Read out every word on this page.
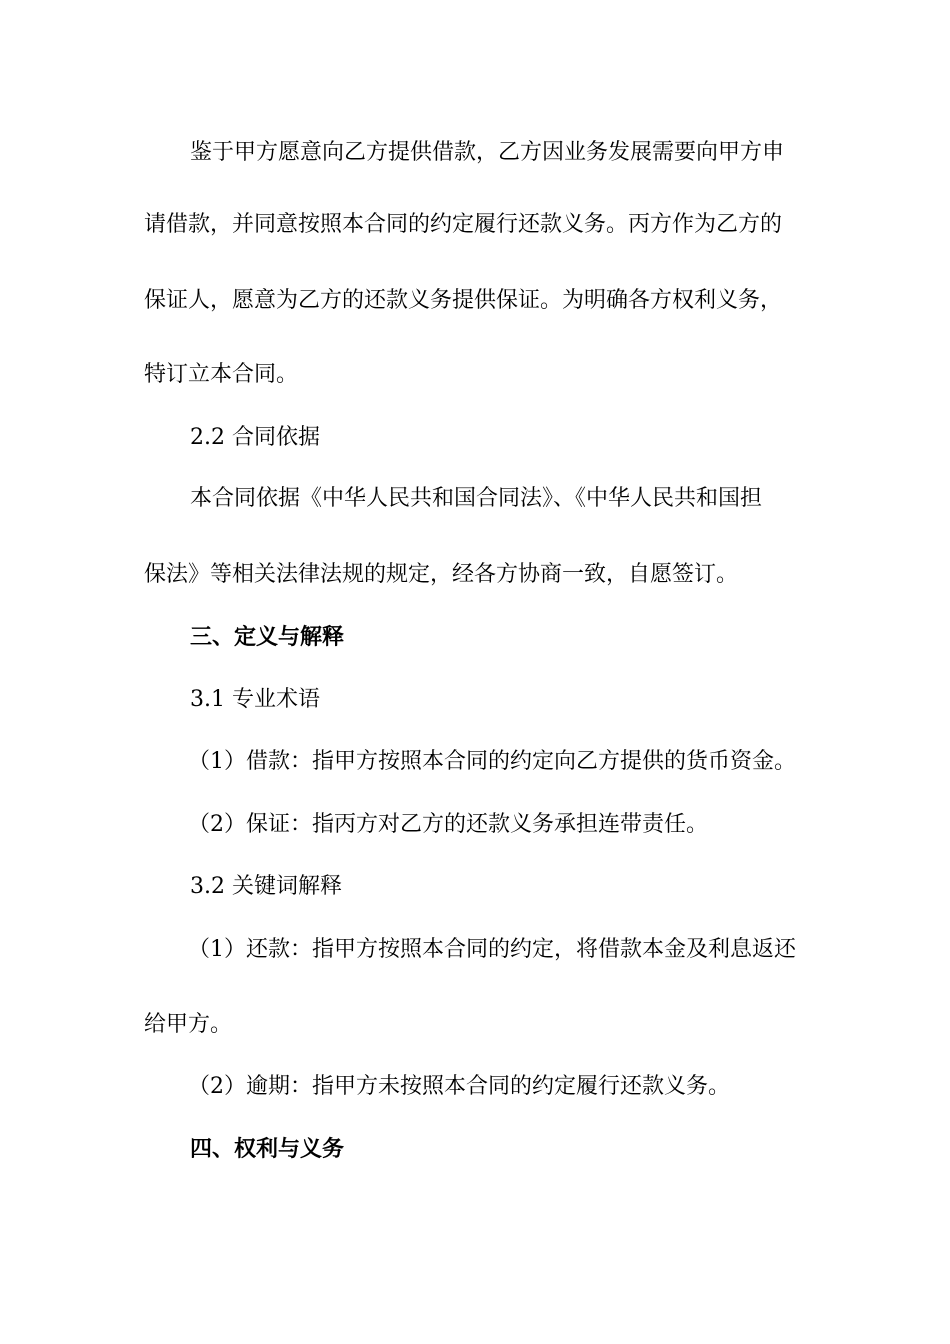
鉴于甲方愿意向乙方提供借款，乙方因业务发展需要向甲方申
请借款，并同意按照本合同的约定履行还款义务。丙方作为乙方的
保证人，愿意为乙方的还款义务提供保证。为明确各方权利义务，
特订立本合同。
2.2 合同依据
本合同依据《中华人民共和国合同法》、《中华人民共和国担
保法》等相关法律法规的规定，经各方协商一致，自愿签订。
三、定义与解释
3.1 专业术语
（1）借款：指甲方按照本合同的约定向乙方提供的货币资金。
（2）保证：指丙方对乙方的还款义务承担连带责任。
3.2 关键词解释
（1）还款：指甲方按照本合同的约定，将借款本金及利息返还
给甲方。
（2）逾期：指甲方未按照本合同的约定履行还款义务。
四、权利与义务
